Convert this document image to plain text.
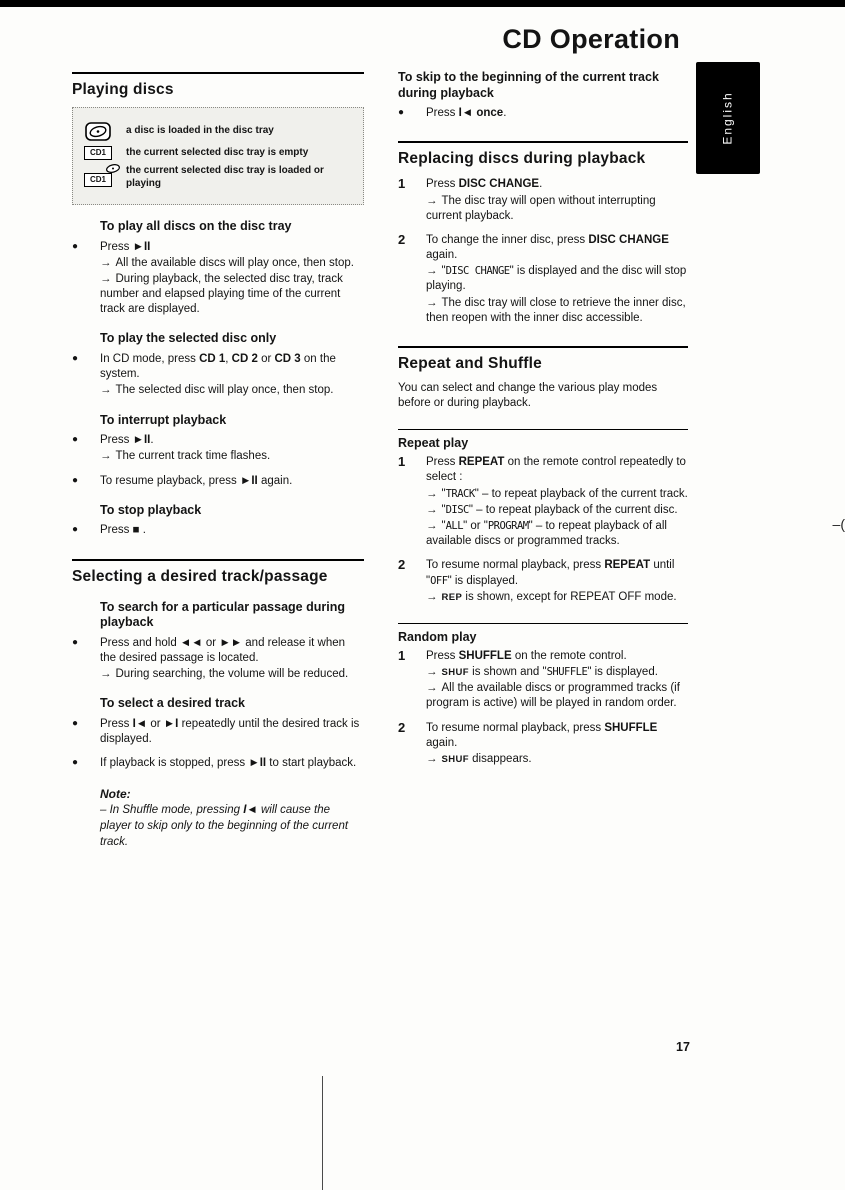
CD Operation
English
Playing discs
a disc is loaded in the disc tray
CD1	the current selected disc tray is empty
CD1
the current selected disc tray is loaded or playing
To play all discs on the disc tray
●	Press ►II

→ All the available discs will play once, then stop.

→ During playback, the selected disc tray, track number and elapsed playing time of the current track are displayed.

To play the selected disc only
●	In CD mode, press CD 1, CD 2 or CD 3 on the system.

→ The selected disc will play once, then stop.

To interrupt playback
●	Press ►II.

→ The current track time flashes.

●	To resume playback, press ►II again.

To stop playback
●	Press ■ .

Selecting a desired track/passage
To search for a particular passage during playback
●	Press and hold ◄◄ or ►► and release it when the desired passage is located.

→ During searching, the volume will be reduced.

To select a desired track
●	Press I◄ or ►I repeatedly until the desired track is displayed.

●	If playback is stopped, press ►II to start playback.

Note:

– In Shuffle mode, pressing I◄ will cause the player to skip only to the beginning of the current track.

To skip to the beginning of the current track during playback
●	Press I◄ once.

Replacing discs during playback
1	Press DISC CHANGE.

→ The disc tray will open without interrupting current playback.

2	To change the inner disc, press DISC CHANGE again.

→ "DISC CHANGE" is displayed and the disc will stop playing.

→ The disc tray will close to retrieve the inner disc, then reopen with the inner disc accessible.

Repeat and Shuffle

You can select and change the various play modes before or during playback.

Repeat play
1	Press REPEAT on the remote control repeatedly to select :

→ "TRACK" – to repeat playback of the current track.

→ "DISC" – to repeat playback of the current disc.

→ "ALL" or "PROGRAM" – to repeat playback of all available discs or programmed tracks.

2	To resume normal playback, press REPEAT until "OFF" is displayed.

→ REP is shown, except for REPEAT OFF mode.

Random play
1	Press SHUFFLE on the remote control.

→ SHUF is shown and "SHUFFLE" is displayed.

→ All the available discs or programmed tracks (if program is active) will be played in random order.

2	To resume normal playback, press SHUFFLE again.

→ SHUF disappears.

17
–(
